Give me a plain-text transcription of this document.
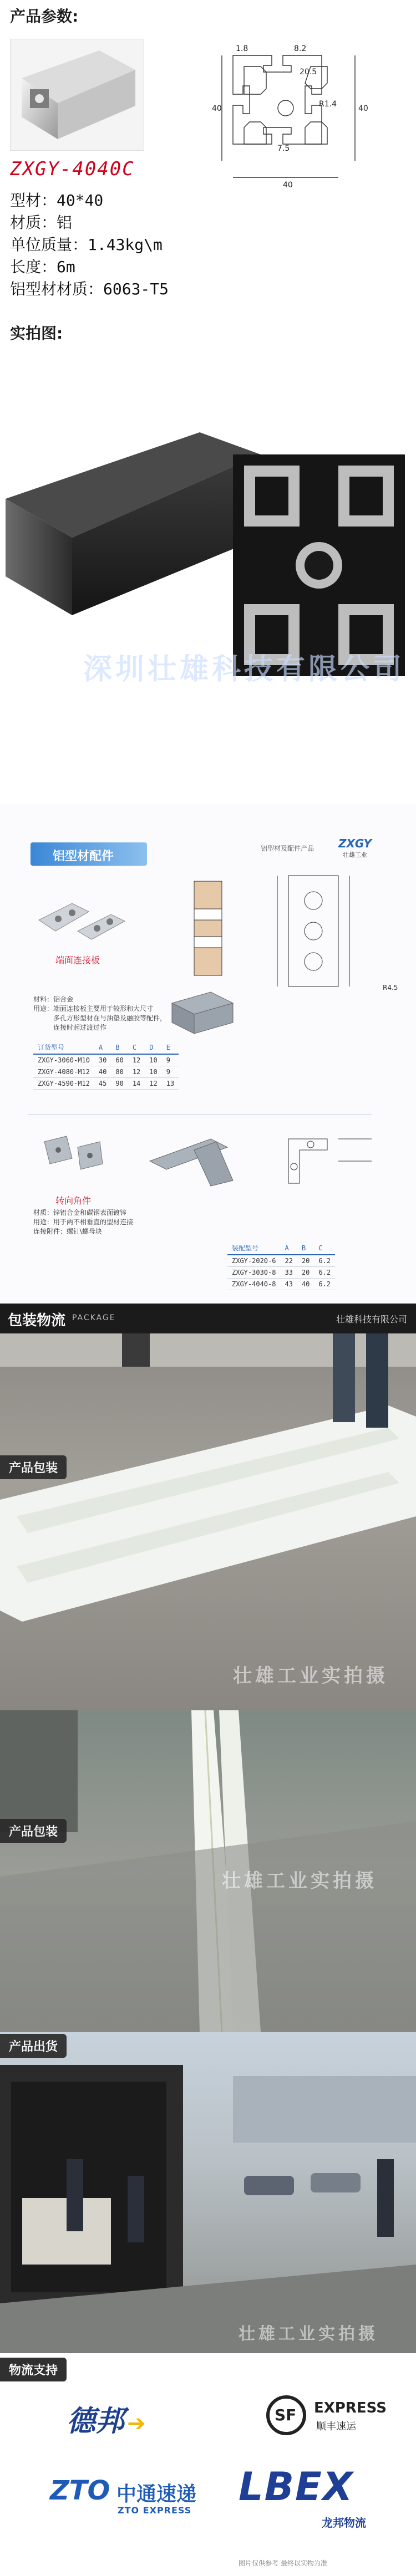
产品参数:
ZXGY-4040C
8.2
1.8
20.5
40	40
R1.4
7.5
40
型材：40*40
材质：铝
单位质量：1.43kg\m
长度：6m
铝型材材质：6063-T5
实拍图:
深圳壮雄科技有限公司
铝型材配件
ZXGY
壮雄工业
铝型材及配件产品
端面连接板
R4.5
材料：铝合金
用途：端面连接板主要用于较形和大尺寸
　　　多孔方形型材在与油垫及融胶等配件，
　　　连接时起过渡过作
订货型号	A	B	C	D	E
ZXGY-3060-M10	30	60	12	10	9
ZXGY-4080-M12	40	80	12	10	9
ZXGY-4590-M12	45	90	14	12	13
转向角件
材质：锌铝合金和碳钢表面镀锌
用途：用于两不相垂直的型材连接
连接附件：螺钉\螺母块
装配型号	A	B	C
ZXGY-2020-6	22	20	6.2
ZXGY-3030-8	33	20	6.2
ZXGY-4040-8	43	40	6.2
包装物流 PACKAGE	壮雄科技有限公司
产品包装
壮雄工业实拍摄
产品包装
壮雄工业实拍摄
产品出货
壮雄工业实拍摄
物流支持
德邦 ➔	SF EXPRESS
顺丰速运
ZTO 中通速递
ZTO EXPRESS
LBEX
龙邦物流
图片仅供参考 最终以实物为准
